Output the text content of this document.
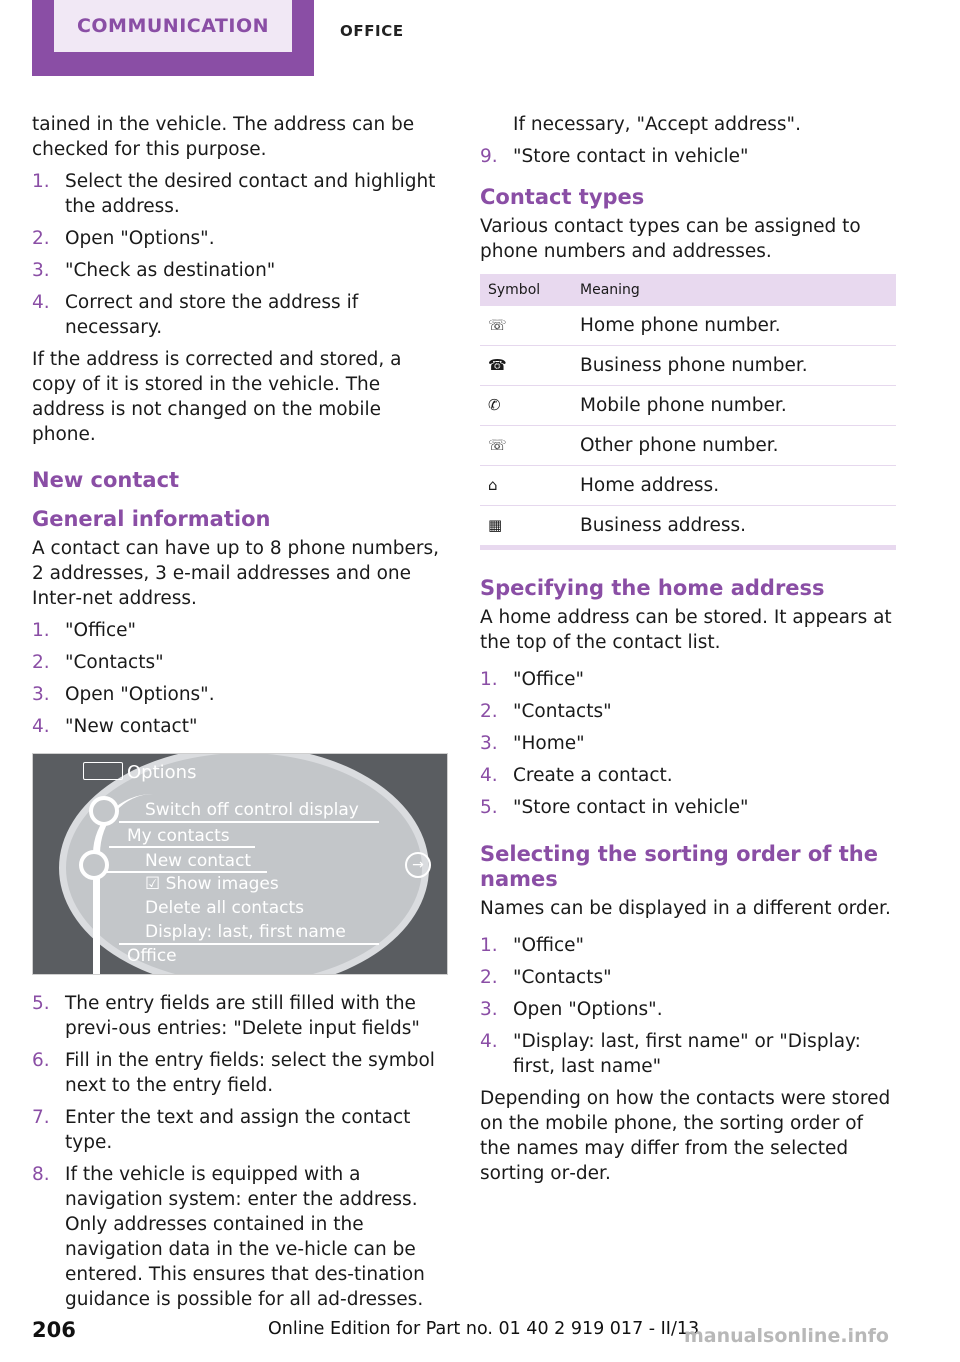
COMMUNICATION	OFFICE

tained in the vehicle. The address can be checked for this purpose.

1. Select the desired contact and highlight the address.
2. Open "Options".
3. "Check as destination"
4. Correct and store the address if necessary.

If the address is corrected and stored, a copy of it is stored in the vehicle. The address is not changed on the mobile phone.

New contact
General information

A contact can have up to 8 phone numbers, 2 addresses, 3 e-mail addresses and one Inter‐net address.

1. "Office"
2. "Contacts"
3. Open "Options".
4. "New contact"
Options
Switch off control display
My contacts
New contact
☑ Show images
Delete all contacts
Display: last, first name
Office
→
5. The entry fields are still filled with the previ‐ous entries: "Delete input fields"
6. Fill in the entry fields: select the symbol next to the entry field.
7. Enter the text and assign the contact type.
8. If the vehicle is equipped with a navigation system: enter the address. Only addresses contained in the navigation data in the ve‐hicle can be entered. This ensures that des‐tination guidance is possible for all ad‐dresses.

If necessary, "Accept address".

9. "Store contact in vehicle"
Contact types

Various contact types can be assigned to phone numbers and addresses.

Symbol	Meaning
☏	Home phone number.
☎	Business phone number.
✆	Mobile phone number.
☏	Other phone number.
⌂	Home address.
▦	Business address.
Specifying the home address

A home address can be stored. It appears at the top of the contact list.

1. "Office"
2. "Contacts"
3. "Home"
4. Create a contact.
5. "Store contact in vehicle"
Selecting the sorting order of the names

Names can be displayed in a different order.

1. "Office"
2. "Contacts"
3. Open "Options".
4. "Display: last, first name" or "Display: first, last name"

Depending on how the contacts were stored on the mobile phone, the sorting order of the names may differ from the selected sorting or‐der.

206	Online Edition for Part no. 01 40 2 919 017 - II/13
manualsonline.info
